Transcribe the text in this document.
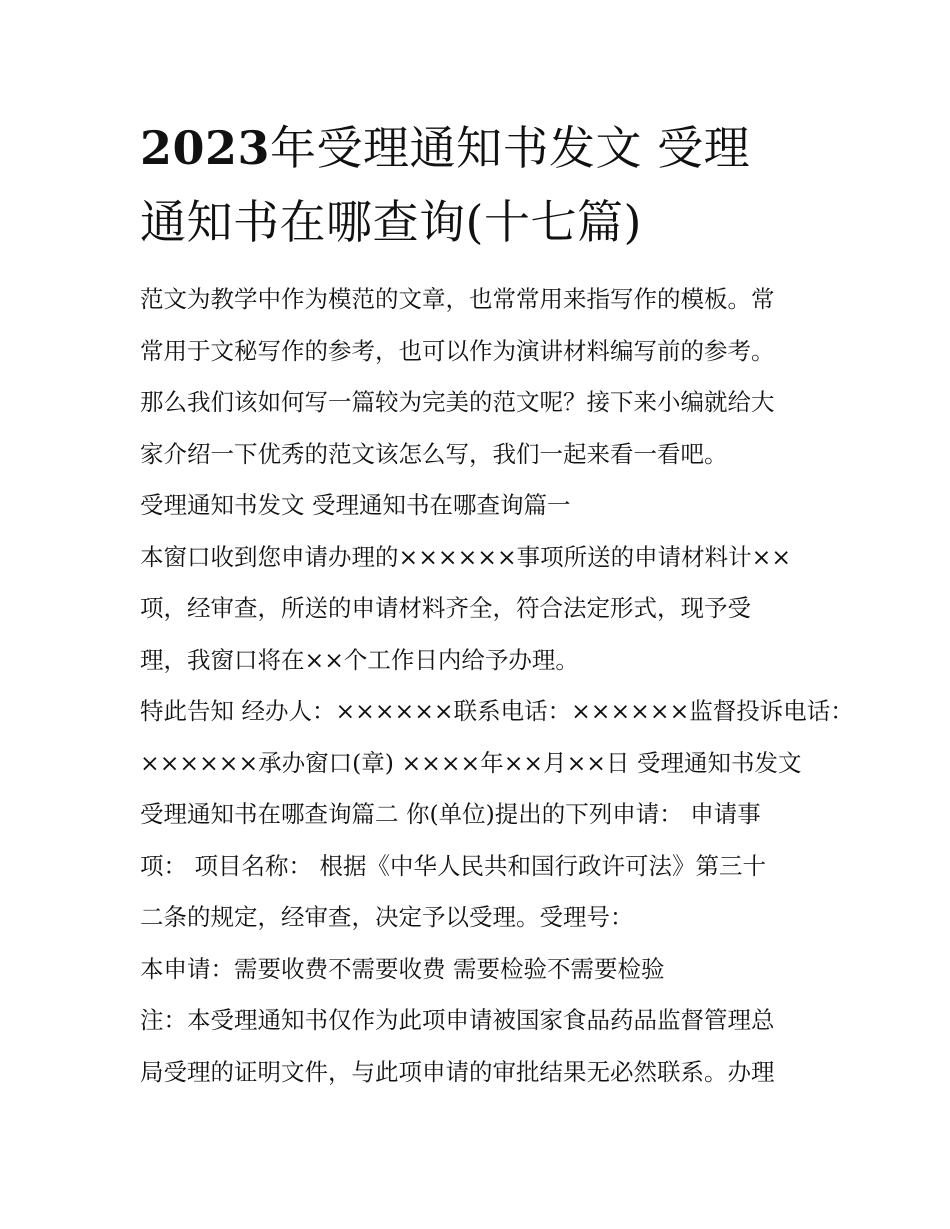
2023年受理通知书发文 受理
通知书在哪查询(十七篇)
范文为教学中作为模范的文章，也常常用来指写作的模板。常
常用于文秘写作的参考，也可以作为演讲材料编写前的参考。
那么我们该如何写一篇较为完美的范文呢？接下来小编就给大
家介绍一下优秀的范文该怎么写，我们一起来看一看吧。
受理通知书发文 受理通知书在哪查询篇一
本窗口收到您申请办理的××××××事项所送的申请材料计××
项，经审查，所送的申请材料齐全，符合法定形式，现予受
理，我窗口将在××个工作日内给予办理。
特此告知 经办人：××××××联系电话：××××××监督投诉电话：
××××××承办窗口(章) ××××年××月××日 受理通知书发文
受理通知书在哪查询篇二 你(单位)提出的下列申请： 申请事
项： 项目名称： 根据《中华人民共和国行政许可法》第三十
二条的规定，经审查，决定予以受理。受理号：
本申请：需要收费不需要收费 需要检验不需要检验
注：本受理通知书仅作为此项申请被国家食品药品监督管理总
局受理的证明文件，与此项申请的审批结果无必然联系。办理
